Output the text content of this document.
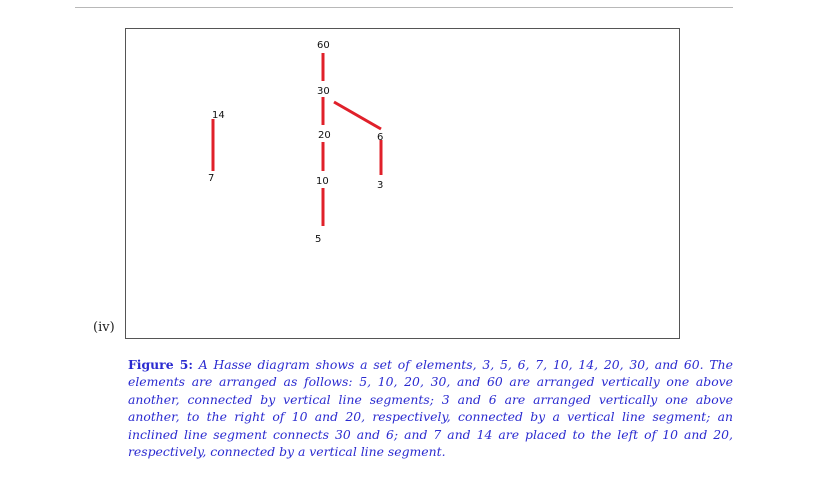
60
30
20
10
5
6
3
14
7
(iv)
Figure 5: A Hasse diagram shows a set of elements, 3, 5, 6, 7, 10, 14, 20, 30, and 60. The elements are arranged as follows: 5, 10, 20, 30, and 60 are arranged vertically one above another, connected by vertical line segments; 3 and 6 are arranged vertically one above another, to the right of 10 and 20, respectively, connected by a vertical line segment; an inclined line segment connects 30 and 6; and 7 and 14 are placed to the left of 10 and 20, respectively, connected by a vertical line segment.
